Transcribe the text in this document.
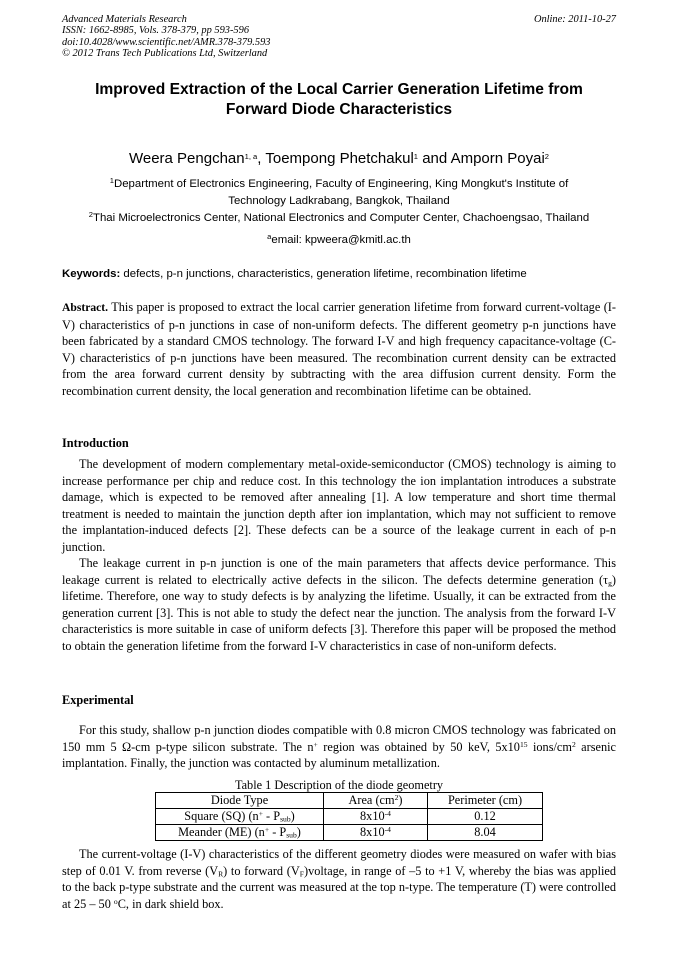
Advanced Materials Research
ISSN: 1662-8985, Vols. 378-379, pp 593-596
doi:10.4028/www.scientific.net/AMR.378-379.593
© 2012 Trans Tech Publications Ltd, Switzerland
Online: 2011-10-27
Improved Extraction of the Local Carrier Generation Lifetime from
Forward Diode Characteristics
Weera Pengchan$^{1, a}$, Toempong Phetchakul$^1$ and Amporn Poyai$^2$
$^1$Department of Electronics Engineering, Faculty of Engineering, King Mongkut's Institute of
Technology Ladkrabang, Bangkok, Thailand
$^2$Thai Microelectronics Center, National Electronics and Computer Center, Chachoengsao, Thailand
$^a$email: kpweera@kmitl.ac.th
Keywords: defects, p-n junctions, characteristics, generation lifetime, recombination lifetime
Abstract. This paper is proposed to extract the local carrier generation lifetime from forward current-voltage (I-V) characteristics of p-n junctions in case of non-uniform defects. The different geometry p-n junctions have been fabricated by a standard CMOS technology. The forward I-V and high frequency capacitance-voltage (C-V) characteristics of p-n junctions have been measured. The recombination current density can be extracted from the area forward current density by subtracting with the area diffusion current density. Form the recombination current density, the local generation and recombination lifetime can be obtained.
Introduction
The development of modern complementary metal-oxide-semiconductor (CMOS) technology is aiming to increase performance per chip and reduce cost. In this technology the ion implantation introduces a substrate damage, which is expected to be removed after annealing [1]. A low temperature and short time thermal treatment is needed to maintain the junction depth after ion implantation, which may not sufficient to remove the implantation-induced defects [2]. These defects can be a source of the leakage current in each of p-n junction.
The leakage current in p-n junction is one of the main parameters that affects device performance. This leakage current is related to electrically active defects in the silicon. The defects determine generation $(\tau_g)$ lifetime. Therefore, one way to study defects is by analyzing the lifetime. Usually, it can be extracted from the generation current [3]. This is not able to study the defect near the junction. The analysis from the forward I-V characteristics is more suitable in case of uniform defects [3]. Therefore this paper will be proposed the method to obtain the generation lifetime from the forward I-V characteristics in case of non-uniform defects.
Experimental
For this study, shallow p-n junction diodes compatible with 0.8 micron CMOS technology was fabricated on 150 mm 5 Ω-cm p-type silicon substrate. The n+ region was obtained by 50 keV, $5x10^{15}$ ions/$cm^2$ arsenic implantation. Finally, the junction was contacted by aluminum metallization.
Table 1 Description of the diode geometry
Diode Type	Area $(cm^2)$	Perimeter (cm)
Square (SQ) $(n^+ - P_{sub})$	$8x10^{-4}$	0.12
Meander (ME) $(n^+ - P_{sub})$	$8x10^{-4}$	8.04
The current-voltage (I-V) characteristics of the different geometry diodes were measured on wafer with bias step of 0.01 V. from reverse $(V_R)$ to forward $(V_F)voltage$, in range of –5 to +1 V, whereby the bias was applied to the back p-type substrate and the current was measured at the top n-type. The temperature (T) were controlled at 25 – 50 $^o$C, in dark shield box.
